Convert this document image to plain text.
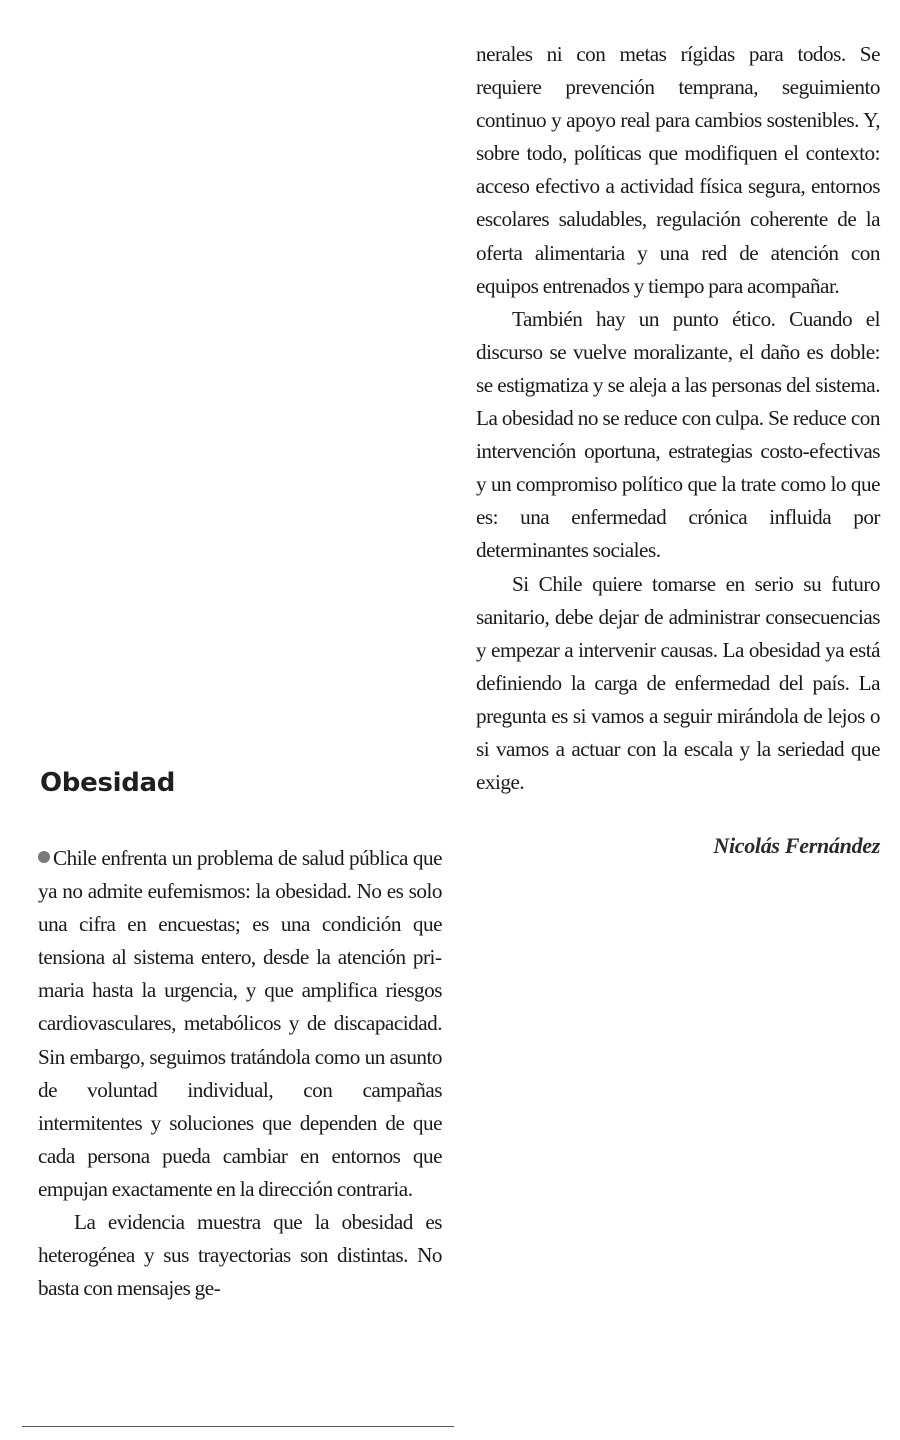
nerales ni con metas rígidas para todos. Se requiere prevención temprana, seguimiento continuo y apoyo real para cambios sostenibles. Y, sobre todo, políticas que modifiquen el contexto: acceso efectivo a actividad física segura, entornos escolares saludables, regulación coherente de la oferta alimentaria y una red de atención con equipos entrenados y tiempo para acompañar.

También hay un punto ético. Cuando el discurso se vuelve moralizante, el daño es doble: se estigmatiza y se aleja a las personas del sistema. La obesidad no se reduce con culpa. Se reduce con intervención oportuna, estrategias costo-efectivas y un compromiso político que la trate como lo que es: una enfermedad crónica influida por determinantes sociales.

Si Chile quiere tomarse en serio su futuro sanitario, debe dejar de administrar consecuencias y empezar a intervenir causas. La obesidad ya está definiendo la carga de enfermedad del país. La pregunta es si vamos a seguir mirándola de lejos o si vamos a actuar con la escala y la seriedad que exige.

Nicolás Fernández
Obesidad

Chile enfrenta un problema de salud pública que ya no admite eufemismos: la obesidad. No es solo una cifra en encuestas; es una condición que tensiona al sistema entero, desde la atención primaria hasta la urgencia, y que amplifica riesgos cardiovasculares, metabólicos y de discapacidad. Sin embargo, seguimos tratándola como un asunto de voluntad individual, con campañas intermitentes y soluciones que dependen de que cada persona pueda cambiar en entornos que empujan exactamente en la dirección contraria.

La evidencia muestra que la obesidad es heterogénea y sus trayectorias son distintas. No basta con mensajes ge-
